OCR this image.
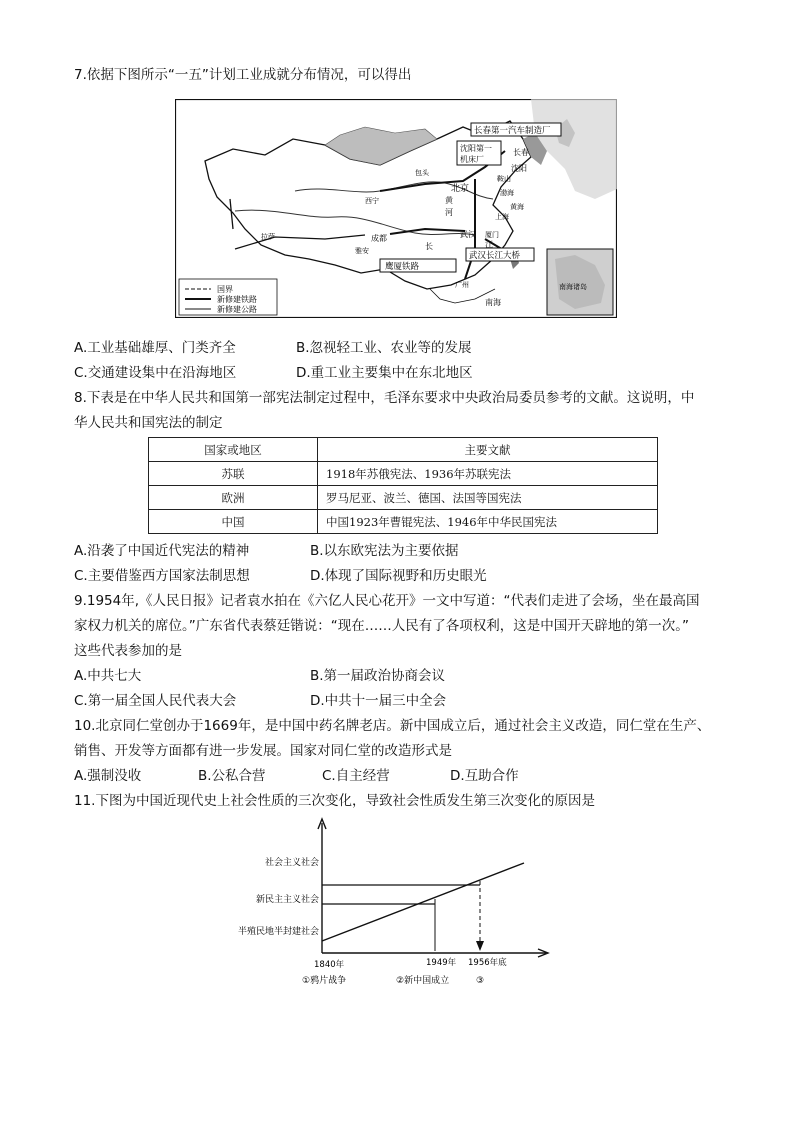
7.依据下图所示“一五”计划工业成就分布情况，可以得出
长春第一汽车制造厂
沈阳第一
机床厂
武汉长江大桥
鹰厦铁路
长春
沈阳
鞍山
北京
包头
西宁
成都
拉萨
雅安
武汉
上海
广州
厦门
南海
南海诸岛
长	江
黄
河
渤海
黄海
国界
新修建铁路
新修建公路
A.工业基础雄厚、门类齐全	B.忽视轻工业、农业等的发展
C.交通建设集中在沿海地区	D.重工业主要集中在东北地区
8.下表是在中华人民共和国第一部宪法制定过程中，毛泽东要求中央政治局委员参考的文献。这说明，中
华人民共和国宪法的制定
国家或地区	主要文献
苏联	1918年苏俄宪法、1936年苏联宪法
欧洲	罗马尼亚、波兰、德国、法国等国宪法
中国	中国1923年曹锟宪法、1946年中华民国宪法
A.沿袭了中国近代宪法的精神	B.以东欧宪法为主要依据
C.主要借鉴西方国家法制思想	D.体现了国际视野和历史眼光
9.1954年,《人民日报》记者袁水拍在《六亿人民心花开》一文中写道：“代表们走进了会场，坐在最高国
家权力机关的席位。”广东省代表蔡廷锴说：“现在……人民有了各项权利，这是中国开天辟地的第一次。”
这些代表参加的是
A.中共七大	B.第一届政治协商会议
C.第一届全国人民代表大会	D.中共十一届三中全会
10.北京同仁堂创办于1669年，是中国中药名牌老店。新中国成立后，通过社会主义改造，同仁堂在生产、
销售、开发等方面都有进一步发展。国家对同仁堂的改造形式是
A.强制没收	B.公私合营	C.自主经营	D.互助合作
11.下图为中国近现代史上社会性质的三次变化，导致社会性质发生第三次变化的原因是
社会主义社会
新民主主义社会
半殖民地半封建社会
1840年	1949年 1956年底
①鸦片战争	②新中国成立	③
